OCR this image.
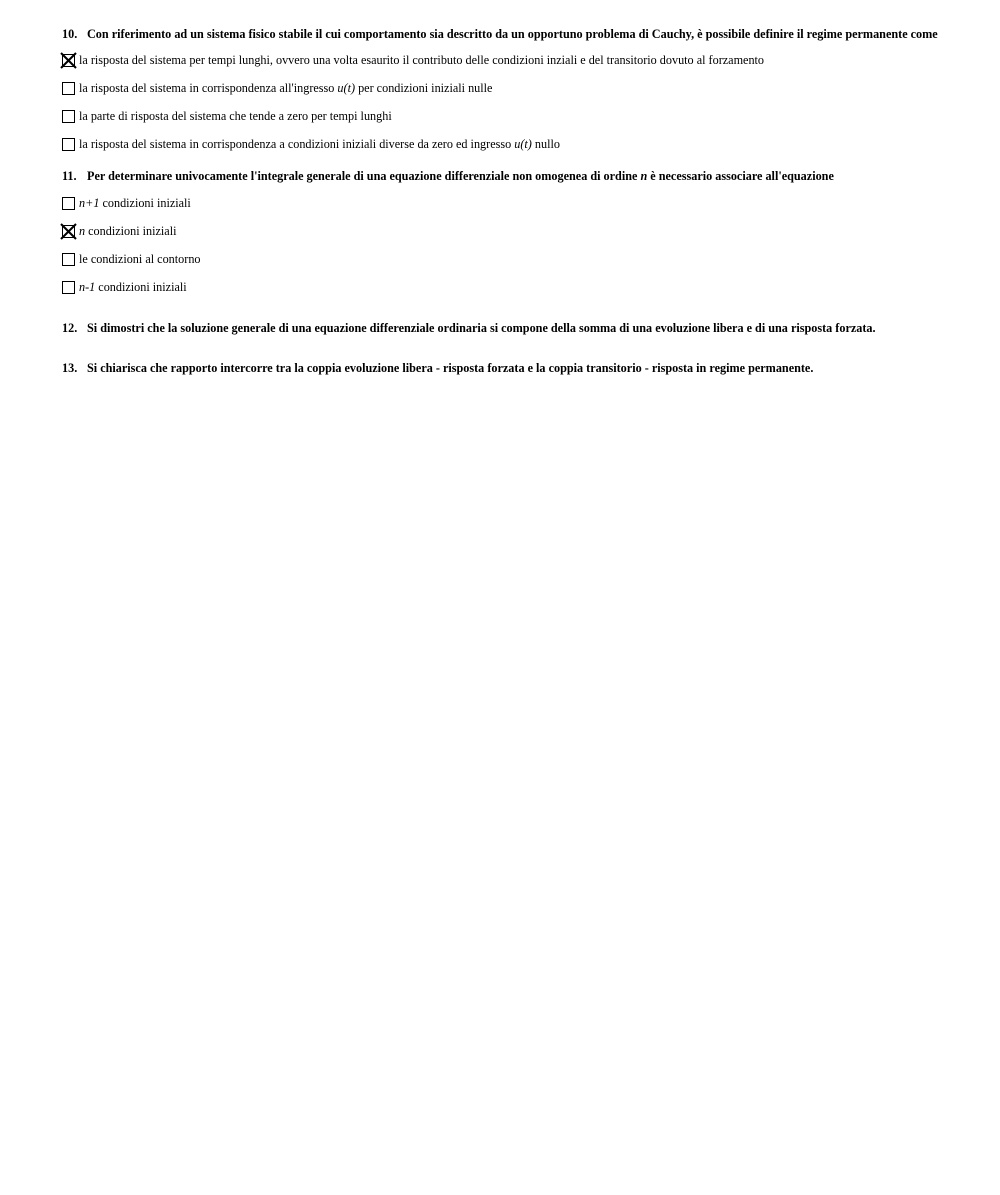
10. Con riferimento ad un sistema fisico stabile il cui comportamento sia descritto da un opportuno problema di Cauchy, è possibile definire il regime permanente come

la risposta del sistema per tempi lunghi, ovvero una volta esaurito il contributo delle condizioni inziali e del transitorio dovuto al forzamento
la risposta del sistema in corrispondenza all'ingresso u(t) per condizioni iniziali nulle
la parte di risposta del sistema che tende a zero per tempi lunghi
la risposta del sistema in corrispondenza a condizioni iniziali diverse da zero ed ingresso u(t) nullo

11. Per determinare univocamente l'integrale generale di una equazione differenziale non omogenea di ordine n è necessario associare all'equazione

n+1 condizioni iniziali
n condizioni iniziali
le condizioni al contorno
n-1 condizioni iniziali

12. Si dimostri che la soluzione generale di una equazione differenziale ordinaria si compone della somma di una evoluzione libera e di una risposta forzata.

13. Si chiarisca che rapporto intercorre tra la coppia evoluzione libera - risposta forzata e la coppia transitorio - risposta in regime permanente.
